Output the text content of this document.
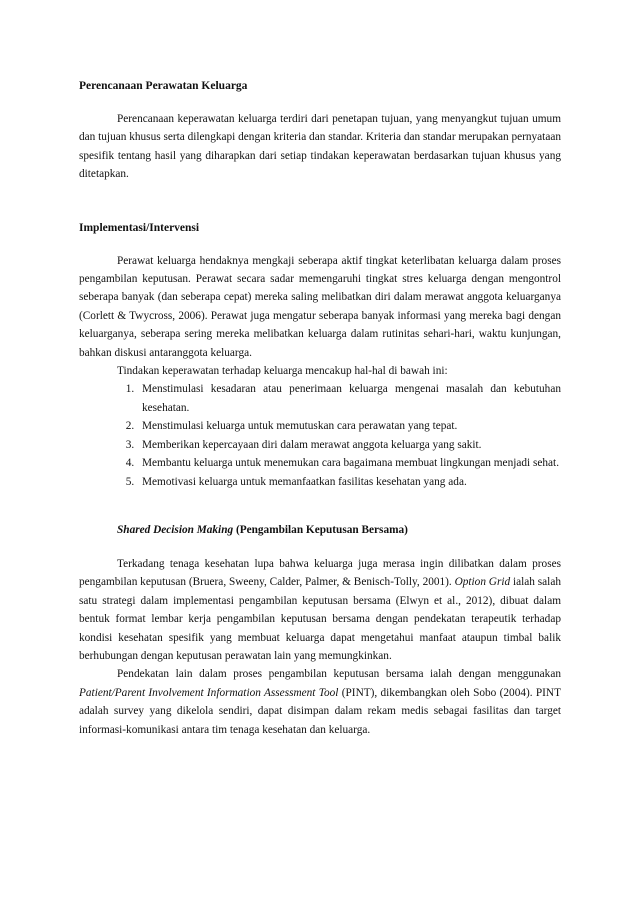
Perencanaan Perawatan Keluarga

Perencanaan keperawatan keluarga terdiri dari penetapan tujuan, yang menyangkut tujuan umum dan tujuan khusus serta dilengkapi dengan kriteria dan standar. Kriteria dan standar merupakan pernyataan spesifik tentang hasil yang diharapkan dari setiap tindakan keperawatan berdasarkan tujuan khusus yang ditetapkan.

Implementasi/Intervensi

Perawat keluarga hendaknya mengkaji seberapa aktif tingkat keterlibatan keluarga dalam proses pengambilan keputusan. Perawat secara sadar memengaruhi tingkat stres keluarga dengan mengontrol seberapa banyak (dan seberapa cepat) mereka saling melibatkan diri dalam merawat anggota keluarganya (Corlett & Twycross, 2006). Perawat juga mengatur seberapa banyak informasi yang mereka bagi dengan keluarganya, seberapa sering mereka melibatkan keluarga dalam rutinitas sehari-hari, waktu kunjungan, bahkan diskusi antaranggota keluarga.

Tindakan keperawatan terhadap keluarga mencakup hal-hal di bawah ini:

1. Menstimulasi kesadaran atau penerimaan keluarga mengenai masalah dan kebutuhan kesehatan.
2. Menstimulasi keluarga untuk memutuskan cara perawatan yang tepat.
3. Memberikan kepercayaan diri dalam merawat anggota keluarga yang sakit.
4. Membantu keluarga untuk menemukan cara bagaimana membuat lingkungan menjadi sehat.
5. Memotivasi keluarga untuk memanfaatkan fasilitas kesehatan yang ada.
Shared Decision Making (Pengambilan Keputusan Bersama)

Terkadang tenaga kesehatan lupa bahwa keluarga juga merasa ingin dilibatkan dalam proses pengambilan keputusan (Bruera, Sweeny, Calder, Palmer, & Benisch-Tolly, 2001). Option Grid ialah salah satu strategi dalam implementasi pengambilan keputusan bersama (Elwyn et al., 2012), dibuat dalam bentuk format lembar kerja pengambilan keputusan bersama dengan pendekatan terapeutik terhadap kondisi kesehatan spesifik yang membuat keluarga dapat mengetahui manfaat ataupun timbal balik berhubungan dengan keputusan perawatan lain yang memungkinkan.

Pendekatan lain dalam proses pengambilan keputusan bersama ialah dengan menggunakan Patient/Parent Involvement Information Assessment Tool (PINT), dikembangkan oleh Sobo (2004). PINT adalah survey yang dikelola sendiri, dapat disimpan dalam rekam medis sebagai fasilitas dan target informasi-komunikasi antara tim tenaga kesehatan dan keluarga.
